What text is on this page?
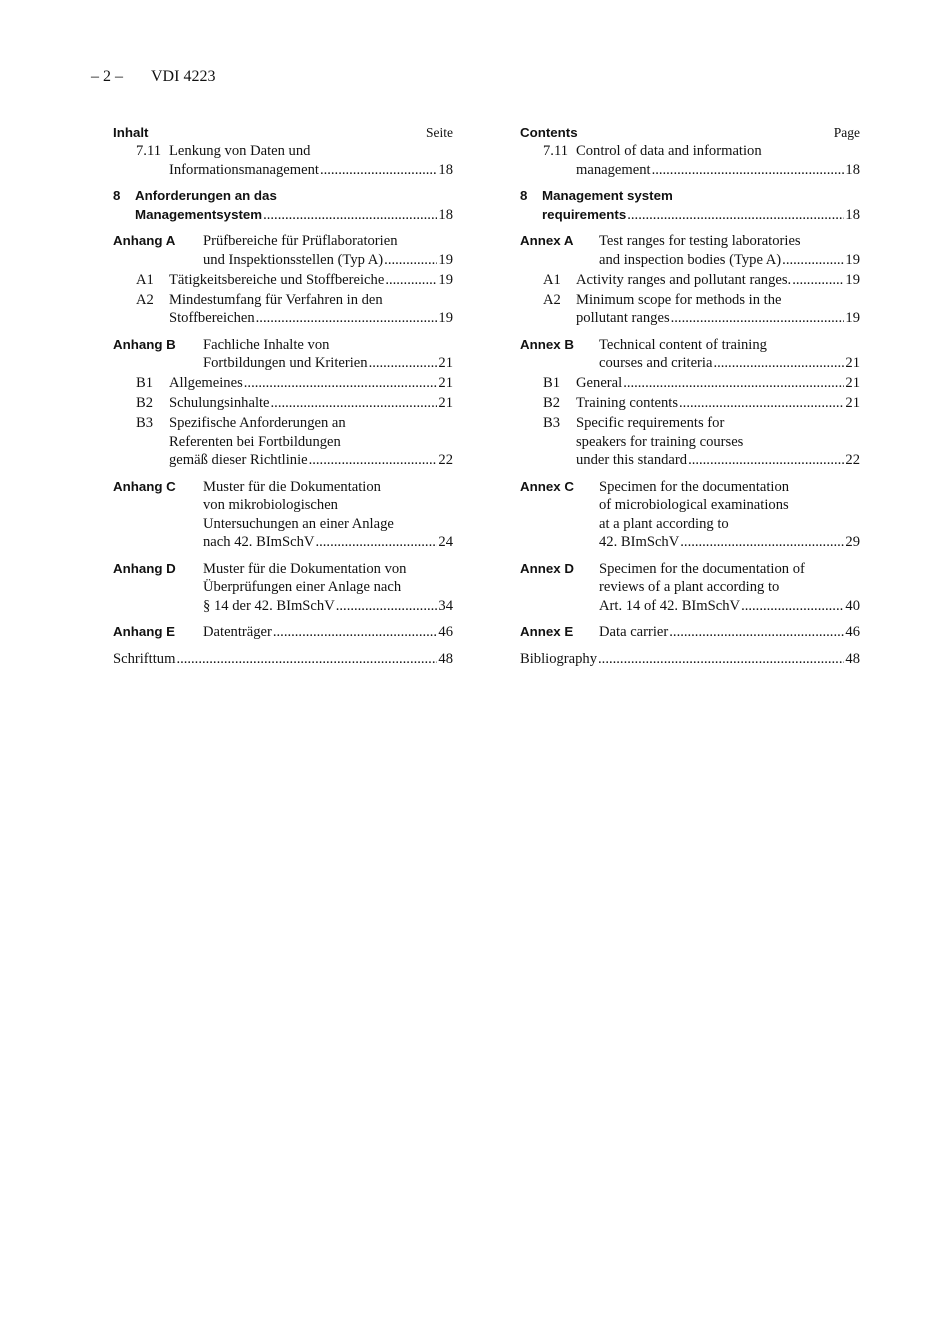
– 2 – VDI 4223
Inhalt	Seite
7.11 Lenkung von Daten und
Informationsmanagement .....	18
8	Anforderungen an das
Managementsystem .....	18
Anhang A	Prüfbereiche für Prüflaboratorien
und Inspektionsstellen (Typ A) .....	19
A1	Tätigkeitsbereiche und Stoffbereiche .....	19
A2	Mindestumfang für Verfahren in den
Stoffbereichen .....	19
Anhang B	Fachliche Inhalte von
Fortbildungen und Kriterien .....	21
B1	Allgemeines .....	21
B2	Schulungsinhalte .....	21
B3	Spezifische Anforderungen an
Referenten bei Fortbildungen
gemäß dieser Richtlinie .....	22
Anhang C	Muster für die Dokumentation
von mikrobiologischen
Untersuchungen an einer Anlage
nach 42. BImSchV .....	24
Anhang D	Muster für die Dokumentation von
Überprüfungen einer Anlage nach
§ 14 der 42. BImSchV .....	34
Anhang E	Datenträger .....	46
Schrifttum .....	48
Contents	Page
7.11 Control of data and information
management .....	18
8	Management system
requirements .....	18
Annex A	Test ranges for testing laboratories
and inspection bodies (Type A) .....	19
A1	Activity ranges and pollutant ranges. .....	19
A2	Minimum scope for methods in the
pollutant ranges .....	19
Annex B	Technical content of training
courses and criteria .....	21
B1	General .....	21
B2	Training contents .....	21
B3	Specific requirements for
speakers for training courses
under this standard .....	22
Annex C	Specimen for the documentation
of microbiological examinations
at a plant according to
42. BImSchV .....	29
Annex D	Specimen for the documentation of
reviews of a plant according to
Art. 14 of 42. BImSchV .....	40
Annex E	Data carrier .....	46
Bibliography .....	48
